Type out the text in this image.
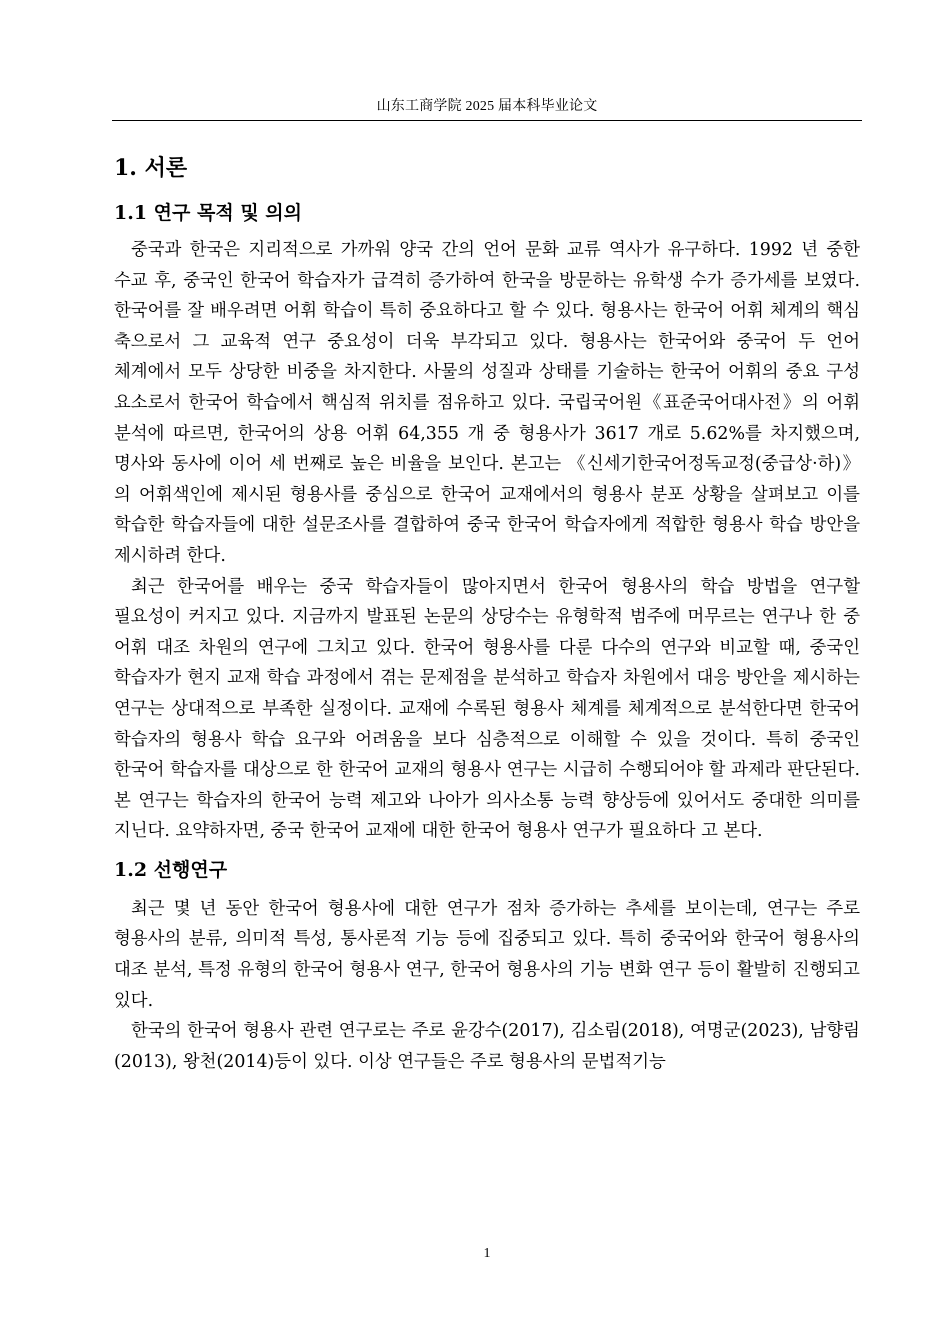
山东工商学院 2025 届本科毕业论文
1. 서론
1.1 연구 목적 및 의의

중국과 한국은 지리적으로 가까워 양국 간의 언어 문화 교류 역사가 유구하다. 1992 년 중한 수교 후, 중국인 한국어 학습자가 급격히 증가하여 한국을 방문하는 유학생 수가 증가세를 보였다.한국어를 잘 배우려면 어휘 학습이 특히 중요하다고 할 수 있다. 형용사는 한국어 어휘 체계의 핵심 축으로서 그 교육적 연구 중요성이 더욱 부각되고 있다. 형용사는 한국어와 중국어 두 언어 체계에서 모두 상당한 비중을 차지한다. 사물의 성질과 상태를 기술하는 한국어 어휘의 중요 구성 요소로서 한국어 학습에서 핵심적 위치를 점유하고 있다. 국립국어원《표준국어대사전》의 어휘 분석에 따르면, 한국어의 상용 어휘 64,355 개 중 형용사가 3617 개로 5.62%를 차지했으며, 명사와 동사에 이어 세 번째로 높은 비율을 보인다. 본고는 《신세기한국어정독교정(중급상·하)》의 어휘색인에 제시된 형용사를 중심으로 한국어 교재에서의 형용사 분포 상황을 살펴보고 이를 학습한 학습자들에 대한 설문조사를 결합하여 중국 한국어 학습자에게 적합한 형용사 학습 방안을 제시하려 한다.

최근 한국어를 배우는 중국 학습자들이 많아지면서 한국어 형용사의 학습 방법을 연구할 필요성이 커지고 있다. 지금까지 발표된 논문의 상당수는 유형학적 범주에 머무르는 연구나 한 중 어휘 대조 차원의 연구에 그치고 있다. 한국어 형용사를 다룬 다수의 연구와 비교할 때, 중국인 학습자가 현지 교재 학습 과정에서 겪는 문제점을 분석하고 학습자 차원에서 대응 방안을 제시하는 연구는 상대적으로 부족한 실정이다. 교재에 수록된 형용사 체계를 체계적으로 분석한다면 한국어 학습자의 형용사 학습 요구와 어려움을 보다 심층적으로 이해할 수 있을 것이다. 특히 중국인 한국어 학습자를 대상으로 한 한국어 교재의 형용사 연구는 시급히 수행되어야 할 과제라 판단된다. 본 연구는 학습자의 한국어 능력 제고와 나아가 의사소통 능력 향상등에 있어서도 중대한 의미를 지닌다. 요약하자면, 중국 한국어 교재에 대한 한국어 형용사 연구가 필요하다 고 본다.

1.2 선행연구

최근 몇 년 동안 한국어 형용사에 대한 연구가 점차 증가하는 추세를 보이는데, 연구는 주로 형용사의 분류, 의미적 특성, 통사론적 기능 등에 집중되고 있다. 특히 중국어와 한국어 형용사의 대조 분석, 특정 유형의 한국어 형용사 연구, 한국어 형용사의 기능 변화 연구 등이 활발히 진행되고 있다.

한국의 한국어 형용사 관련 연구로는 주로 윤강수(2017), 김소림(2018), 여명군(2023), 남향림(2013), 왕천(2014)등이 있다. 이상 연구들은 주로 형용사의 문법적기능

1
